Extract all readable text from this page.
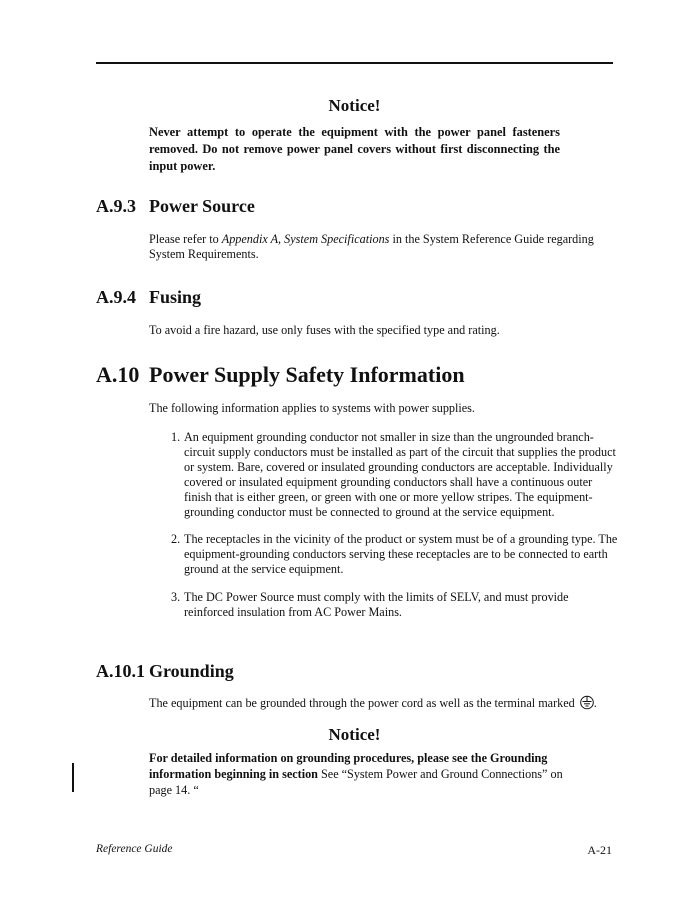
Notice!
Never attempt to operate the equipment with the power panel fasteners removed. Do not remove power panel covers without first disconnecting the input power.
A.9.3 Power Source
Please refer to Appendix A, System Specifications in the System Reference Guide regarding System Requirements.
A.9.4 Fusing
To avoid a fire hazard, use only fuses with the specified type and rating.
A.10 Power Supply Safety Information
The following information applies to systems with power supplies.
1. An equipment grounding conductor not smaller in size than the ungrounded branch-circuit supply conductors must be installed as part of the circuit that supplies the product or system. Bare, covered or insulated grounding conductors are acceptable. Individually covered or insulated equipment grounding conductors shall have a continuous outer finish that is either green, or green with one or more yellow stripes. The equipment-grounding conductor must be connected to ground at the service equipment.
2. The receptacles in the vicinity of the product or system must be of a grounding type. The equipment-grounding conductors serving these receptacles are to be connected to earth ground at the service equipment.
3. The DC Power Source must comply with the limits of SELV, and must provide reinforced insulation from AC Power Mains.
A.10.1 Grounding
The equipment can be grounded through the power cord as well as the terminal marked .
Notice!
For detailed information on grounding procedures, please see the Grounding information beginning in section See “System Power and Ground Connections” on page 14. “
Reference Guide	A-21
